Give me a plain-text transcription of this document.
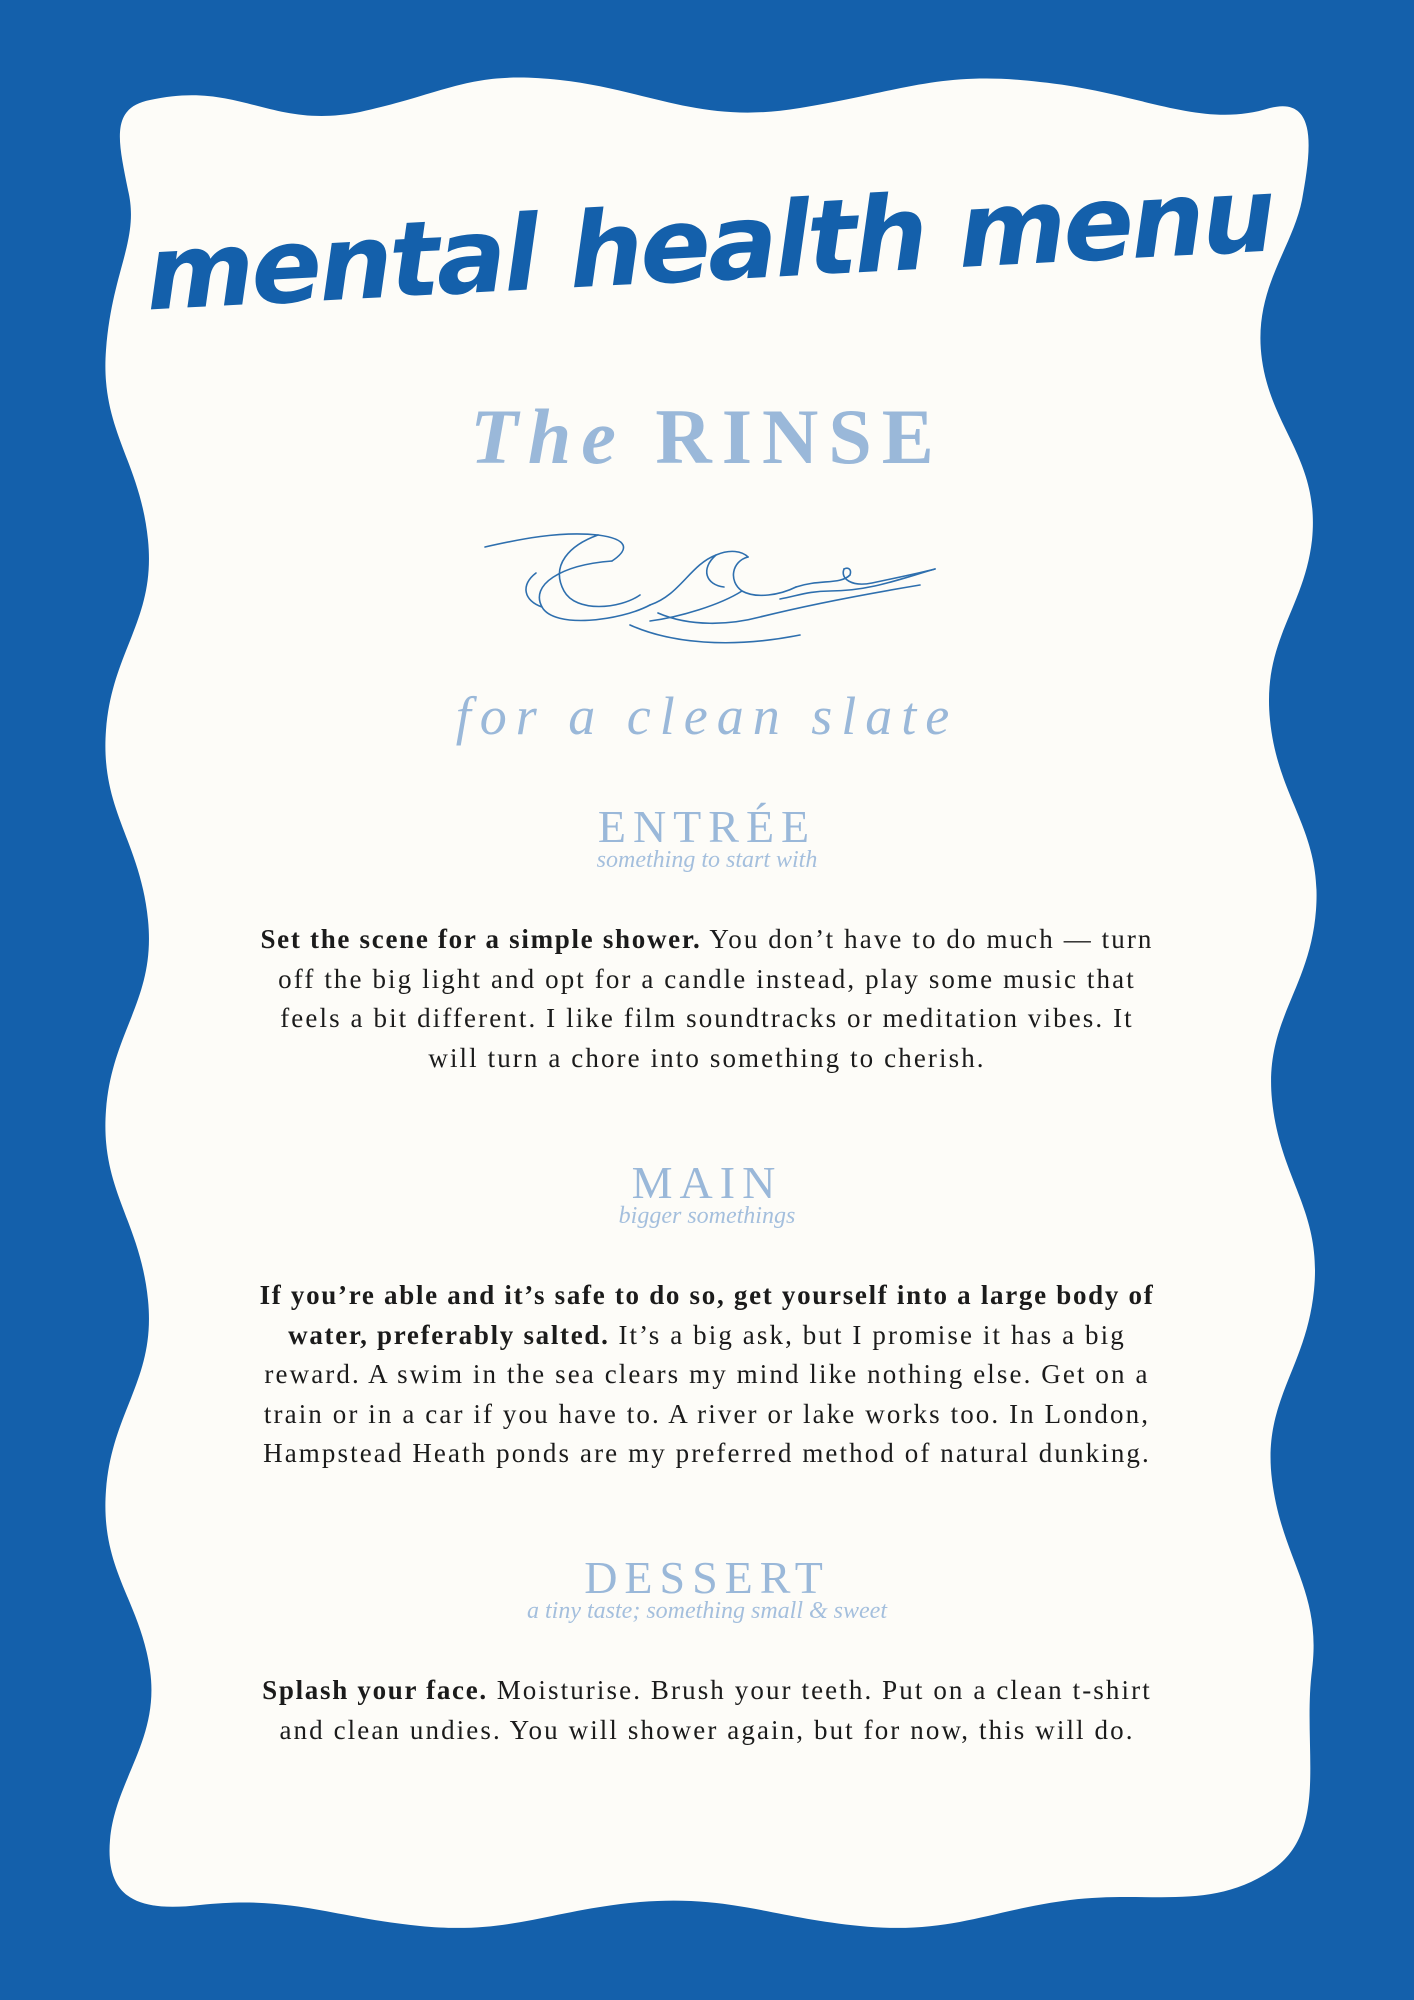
mental health menu
The RINSE
for a clean slate
ENTRÉE
something to start with
Set the scene for a simple shower. You don’t have to do much — turn off the big light and opt for a candle instead, play some music that feels a bit different. I like film soundtracks or meditation vibes. It will turn a chore into something to cherish.
MAIN
bigger somethings
If you’re able and it’s safe to do so, get yourself into a large body of water, preferably salted. It’s a big ask, but I promise it has a big reward. A swim in the sea clears my mind like nothing else. Get on a train or in a car if you have to. A river or lake works too. In London, Hampstead Heath ponds are my preferred method of natural dunking.
DESSERT
a tiny taste; something small & sweet
Splash your face. Moisturise. Brush your teeth. Put on a clean t-shirt and clean undies. You will shower again, but for now, this will do.
